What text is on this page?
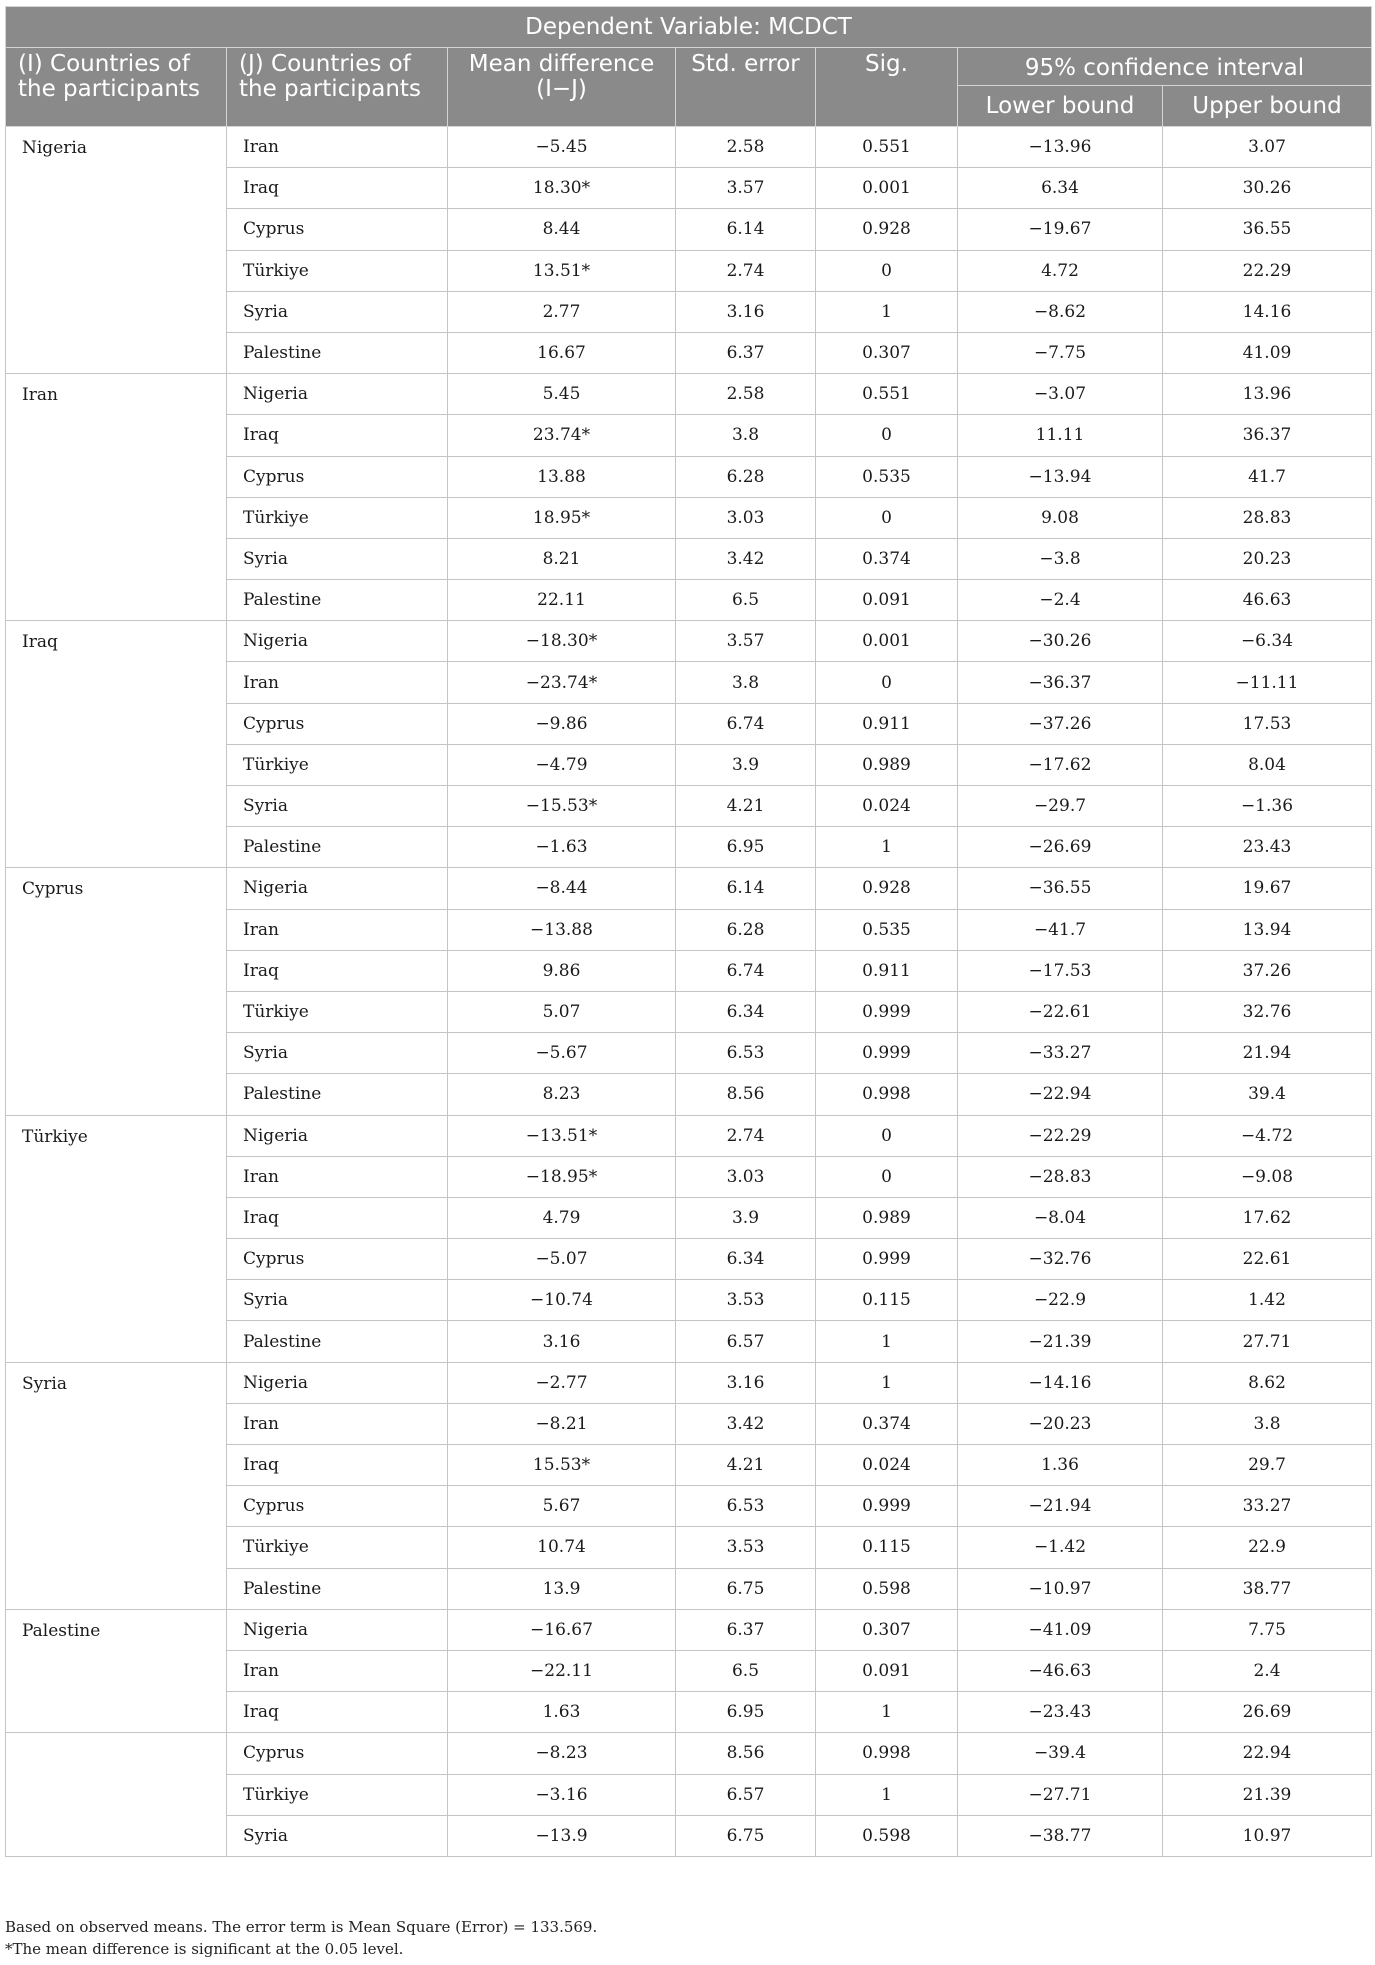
Dependent Variable: MCDCT						
(I) Countries of the participants	(J) Countries of the participants	Mean difference
(I−J)	Std. error	Sig.	95% confidence interval	
					Lower bound	Upper bound
Nigeria	Iran	−5.45	2.58	0.551	−13.96	3.07
	Iraq	18.30*	3.57	0.001	6.34	30.26
	Cyprus	8.44	6.14	0.928	−19.67	36.55
	Türkiye	13.51*	2.74	0	4.72	22.29
	Syria	2.77	3.16	1	−8.62	14.16
	Palestine	16.67	6.37	0.307	−7.75	41.09
Iran	Nigeria	5.45	2.58	0.551	−3.07	13.96
	Iraq	23.74*	3.8	0	11.11	36.37
	Cyprus	13.88	6.28	0.535	−13.94	41.7
	Türkiye	18.95*	3.03	0	9.08	28.83
	Syria	8.21	3.42	0.374	−3.8	20.23
	Palestine	22.11	6.5	0.091	−2.4	46.63
Iraq	Nigeria	−18.30*	3.57	0.001	−30.26	−6.34
	Iran	−23.74*	3.8	0	−36.37	−11.11
	Cyprus	−9.86	6.74	0.911	−37.26	17.53
	Türkiye	−4.79	3.9	0.989	−17.62	8.04
	Syria	−15.53*	4.21	0.024	−29.7	−1.36
	Palestine	−1.63	6.95	1	−26.69	23.43
Cyprus	Nigeria	−8.44	6.14	0.928	−36.55	19.67
	Iran	−13.88	6.28	0.535	−41.7	13.94
	Iraq	9.86	6.74	0.911	−17.53	37.26
	Türkiye	5.07	6.34	0.999	−22.61	32.76
	Syria	−5.67	6.53	0.999	−33.27	21.94
	Palestine	8.23	8.56	0.998	−22.94	39.4
Türkiye	Nigeria	−13.51*	2.74	0	−22.29	−4.72
	Iran	−18.95*	3.03	0	−28.83	−9.08
	Iraq	4.79	3.9	0.989	−8.04	17.62
	Cyprus	−5.07	6.34	0.999	−32.76	22.61
	Syria	−10.74	3.53	0.115	−22.9	1.42
	Palestine	3.16	6.57	1	−21.39	27.71
Syria	Nigeria	−2.77	3.16	1	−14.16	8.62
	Iran	−8.21	3.42	0.374	−20.23	3.8
	Iraq	15.53*	4.21	0.024	1.36	29.7
	Cyprus	5.67	6.53	0.999	−21.94	33.27
	Türkiye	10.74	3.53	0.115	−1.42	22.9
	Palestine	13.9	6.75	0.598	−10.97	38.77
Palestine	Nigeria	−16.67	6.37	0.307	−41.09	7.75
	Iran	−22.11	6.5	0.091	−46.63	2.4
	Iraq	1.63	6.95	1	−23.43	26.69
	Cyprus	−8.23	8.56	0.998	−39.4	22.94
	Türkiye	−3.16	6.57	1	−27.71	21.39
	Syria	−13.9	6.75	0.598	−38.77	10.97
Based on observed means. The error term is Mean Square (Error) = 133.569.
*The mean difference is significant at the 0.05 level.
